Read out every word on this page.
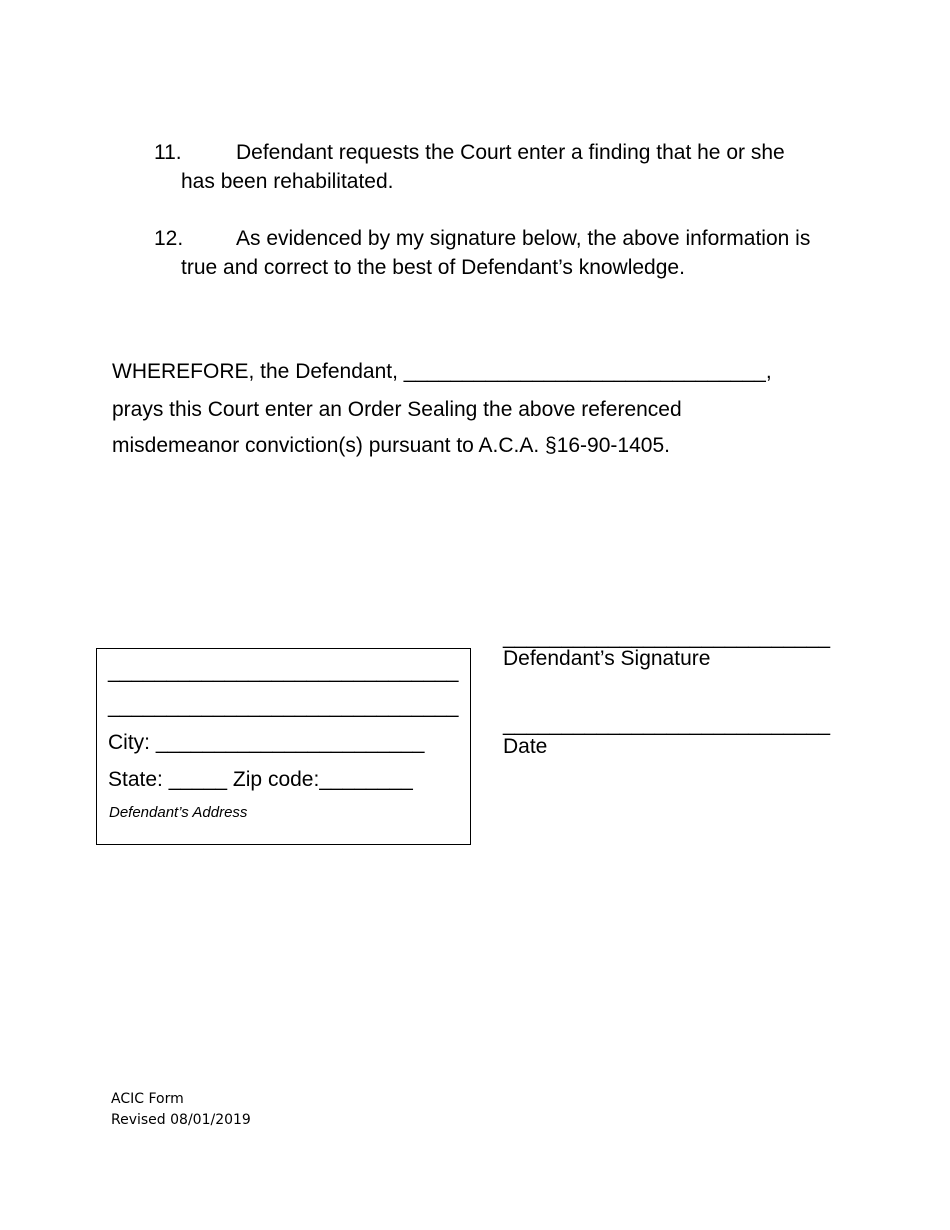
11.	Defendant requests the Court enter a finding that he or she
has been rehabilitated.
12.	As evidenced by my signature below, the above information is
true and correct to the best of Defendant’s knowledge.
WHEREFORE, the Defendant, _______________________________,
prays this Court enter an Order Sealing the above referenced
misdemeanor conviction(s) pursuant to A.C.A. §16-90-1405.
______________________________
______________________________
City: _______________________
State: _____ Zip code:________
Defendant’s Address
____________________________
Defendant’s Signature
____________________________
Date
ACIC Form
Revised 08/01/2019
